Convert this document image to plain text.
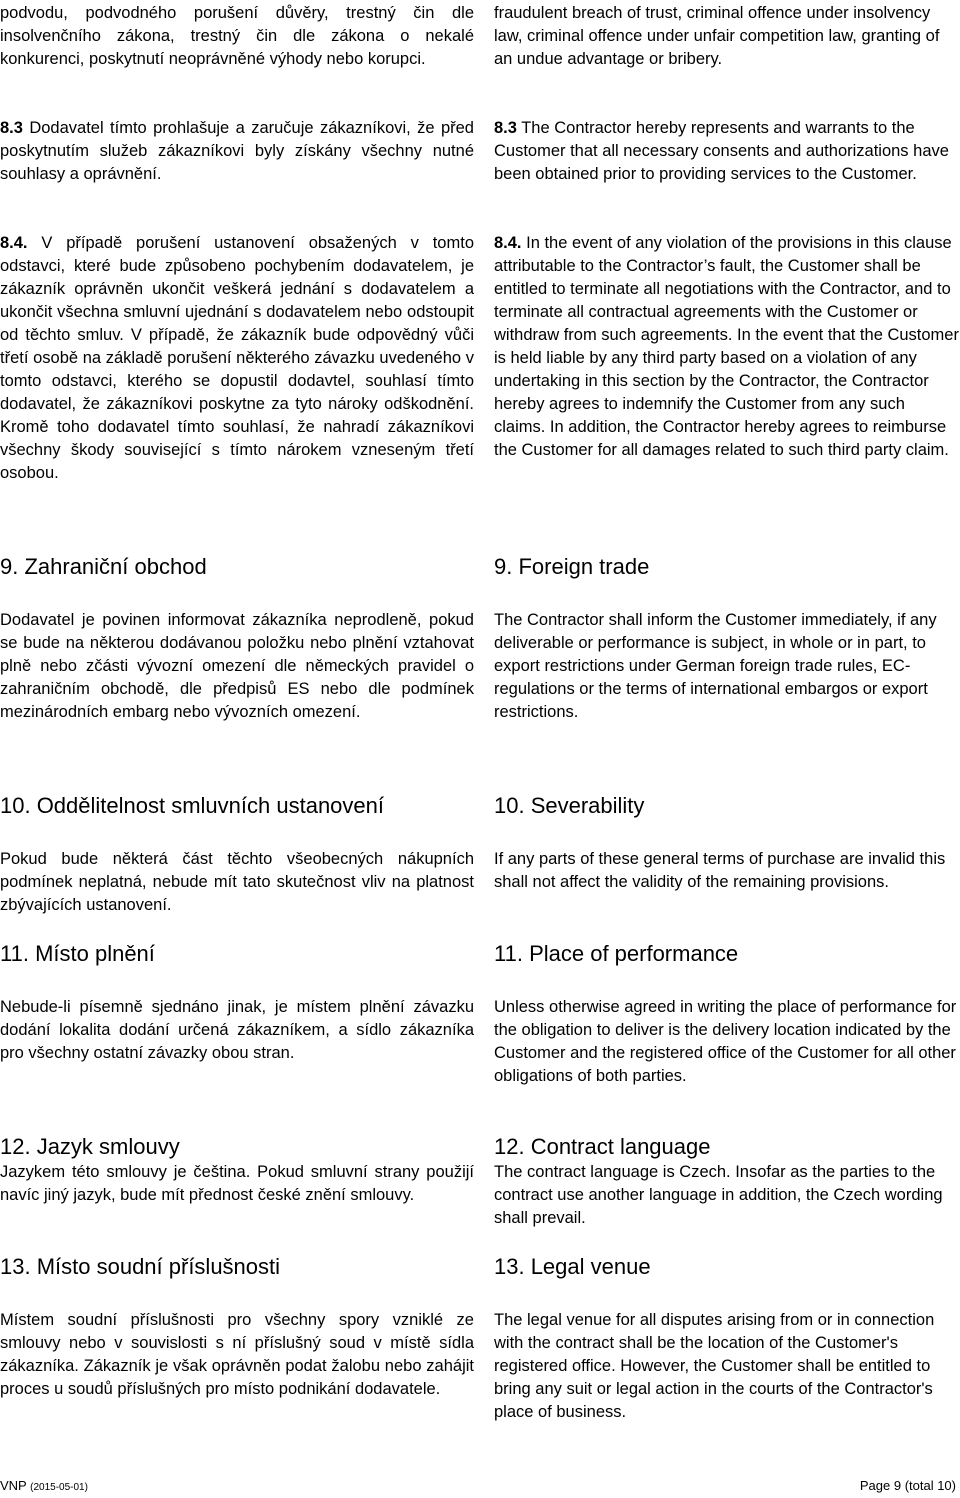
podvodu, podvodného porušení důvěry, trestný čin dle insolvenčního zákona, trestný čin dle zákona o nekalé konkurenci, poskytnutí neoprávněné výhody nebo korupci.

8.3 Dodavatel tímto prohlašuje a zaručuje zákazníkovi, že před poskytnutím služeb zákazníkovi byly získány všechny nutné souhlasy a oprávnění.

8.4. V případě porušení ustanovení obsažených v tomto odstavci, které bude způsobeno pochybením dodavatelem, je zákazník oprávněn ukončit veškerá jednání s dodavatelem a ukončit všechna smluvní ujednání s dodavatelem nebo odstoupit od těchto smluv. V případě, že zákazník bude odpovědný vůči třetí osobě na základě porušení některého závazku uvedeného v tomto odstavci, kterého se dopustil dodavtel, souhlasí tímto dodavatel, že zákazníkovi poskytne za tyto nároky odškodnění. Kromě toho dodavatel tímto souhlasí, že nahradí zákazníkovi všechny škody související s tímto nárokem vzneseným třetí osobou.

9. Zahraniční obchod

Dodavatel je povinen informovat zákazníka neprodleně, pokud se bude na některou dodávanou položku nebo plnění vztahovat plně nebo zčásti vývozní omezení dle německých pravidel o zahraničním obchodě, dle předpisů ES nebo dle podmínek mezinárodních embarg nebo vývozních omezení.

10. Oddělitelnost smluvních ustanovení

Pokud bude některá část těchto všeobecných nákupních podmínek neplatná, nebude mít tato skutečnost vliv na platnost zbývajících ustanovení.

11. Místo plnění

Nebude-li písemně sjednáno jinak, je místem plnění závazku dodání lokalita dodání určená zákazníkem, a sídlo zákazníka pro všechny ostatní závazky obou stran.

12. Jazyk smlouvy

Jazykem této smlouvy je čeština. Pokud smluvní strany použijí navíc jiný jazyk, bude mít přednost české znění smlouvy.

13. Místo soudní příslušnosti

Místem soudní příslušnosti pro všechny spory vzniklé ze smlouvy nebo v souvislosti s ní příslušný soud v místě sídla zákazníka. Zákazník je však oprávněn podat žalobu nebo zahájit proces u soudů příslušných pro místo podnikání dodavatele.

fraudulent breach of trust, criminal offence under insolvency law, criminal offence under unfair competition law, granting of an undue advantage or bribery.

8.3 The Contractor hereby represents and warrants to the Customer that all necessary consents and authorizations have been obtained prior to providing services to the Customer.

8.4. In the event of any violation of the provisions in this clause attributable to the Contractor’s fault, the Customer shall be entitled to terminate all negotiations with the Contractor, and to terminate all contractual agreements with the Customer or withdraw from such agreements. In the event that the Customer is held liable by any third party based on a violation of any undertaking in this section by the Contractor, the Contractor hereby agrees to indemnify the Customer from any such claims. In addition, the Contractor hereby agrees to reimburse the Customer for all damages related to such third party claim.

9. Foreign trade

The Contractor shall inform the Customer immediately, if any deliverable or performance is subject, in whole or in part, to export restrictions under German foreign trade rules, EC-regulations or the terms of international embargos or export restrictions.

10. Severability

If any parts of these general terms of purchase are invalid this shall not affect the validity of the remaining provisions.

11. Place of performance

Unless otherwise agreed in writing the place of performance for the obligation to deliver is the delivery location indicated by the Customer and the registered office of the Customer for all other obligations of both parties.

12. Contract language

The contract language is Czech. Insofar as the parties to the contract use another language in addition, the Czech wording shall prevail.

13. Legal venue

The legal venue for all disputes arising from or in connection with the contract shall be the location of the Customer's registered office. However, the Customer shall be entitled to bring any suit or legal action in the courts of the Contractor's place of business.

VNP (2015-05-01)	Page 9 (total 10)
